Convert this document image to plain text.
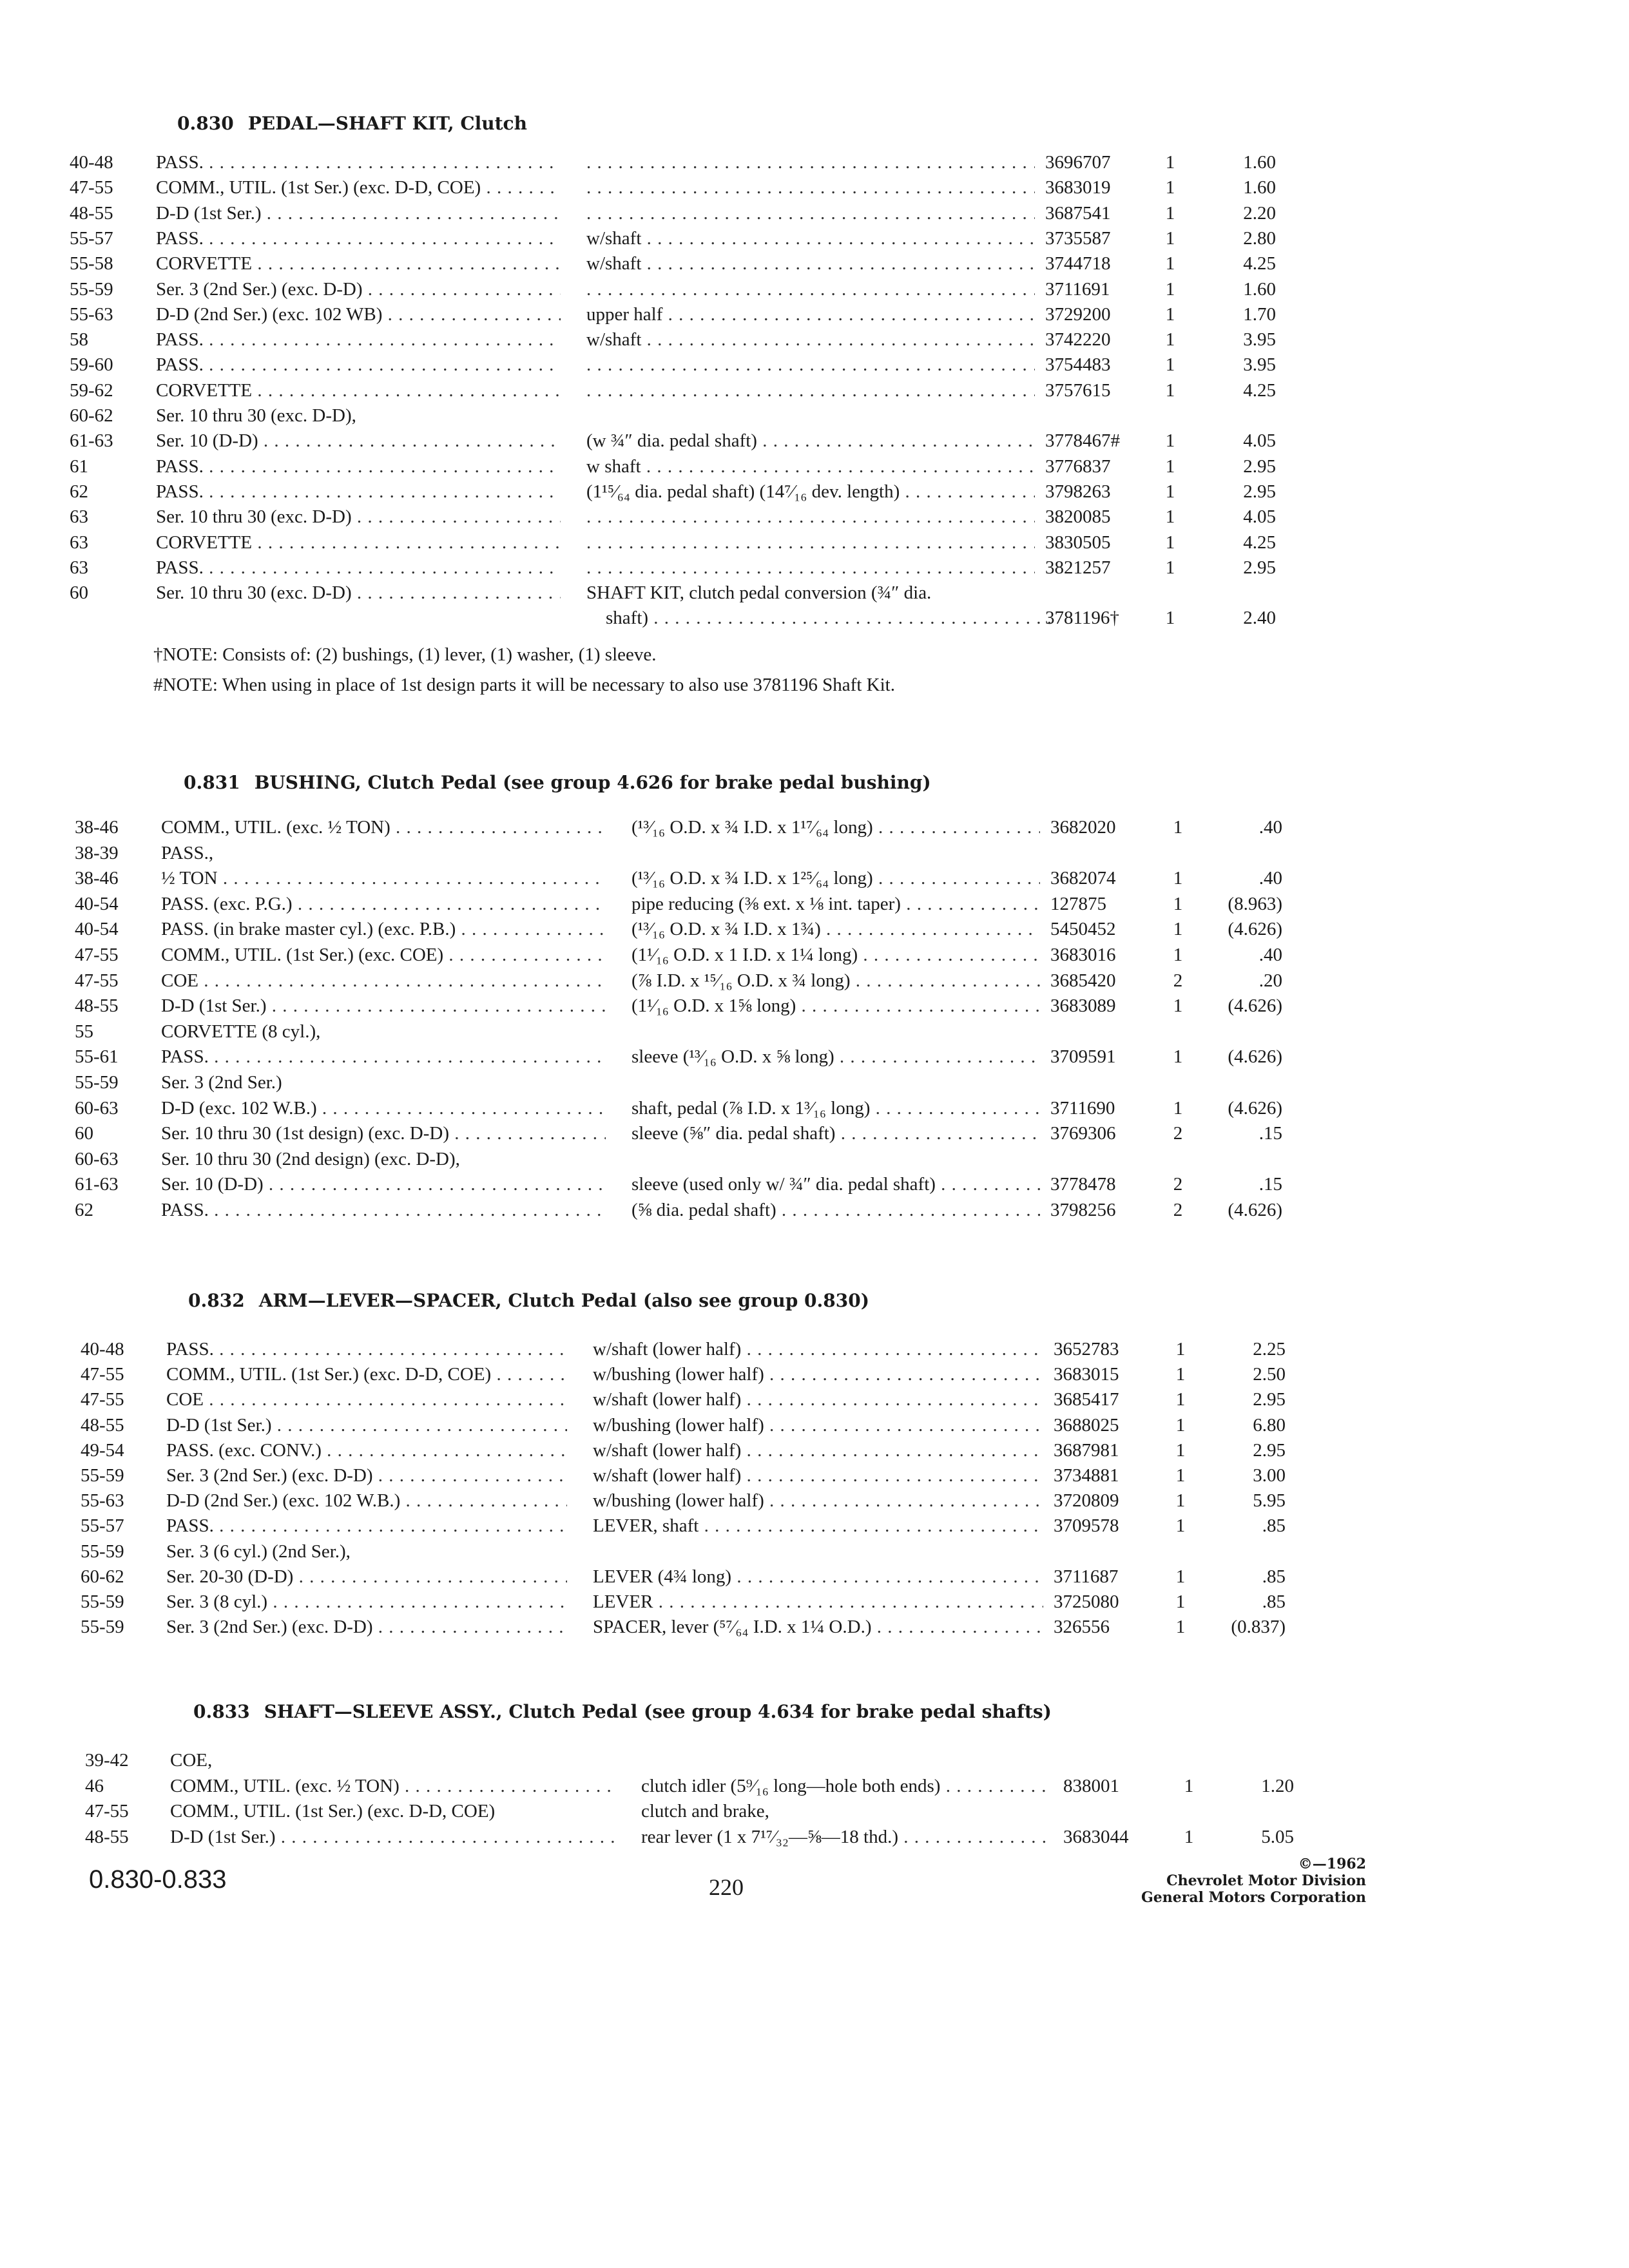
0.830 PEDAL—SHAFT KIT, Clutch
40-48	PASS. . . . . . .	3696707	1	1.60
47-55	COMM., UTIL. (1st Ser.) (exc. D-D, COE) . . . . . .	3683019	1	1.60
48-55	D-D (1st Ser.) . . . . . .	3687541	1	2.20
55-57	PASS. . . .	w/shaft . . .	3735587	1	2.80
55-58	CORVETTE . . .	w/shaft . . .	3744718	1	4.25
55-59	Ser. 3 (2nd Ser.) (exc. D-D) . . . . . .	3711691	1	1.60
55-63	D-D (2nd Ser.) (exc. 102 WB) . . .	upper half . . .	3729200	1	1.70
58	PASS. . . .	w/shaft . . .	3742220	1	3.95
59-60	PASS. . . . . . .	3754483	1	3.95
59-62	CORVETTE . . . . . .	3757615	1	4.25
60-62	Ser. 10 thru 30 (exc. D-D),
61-63	Ser. 10 (D-D) . . .	(w ¾″ dia. pedal shaft) . . .	3778467#	1	4.05
61	PASS. . . .	w shaft . . .	3776837	1	2.95
62	PASS. . . .	(1¹⁵⁄₆₄ dia. pedal shaft) (14⁷⁄₁₆ dev. length) . . .	3798263	1	2.95
63	Ser. 10 thru 30 (exc. D-D) . . . . . .	3820085	1	4.05
63	CORVETTE . . . . . .	3830505	1	4.25
63	PASS. . . . . . .	3821257	1	2.95
60	Ser. 10 thru 30 (exc. D-D) . . .	SHAFT KIT, clutch pedal conversion (¾″ dia.
shaft) . . .	3781196†	1	2.40
†NOTE: Consists of: (2) bushings, (1) lever, (1) washer, (1) sleeve.
#NOTE: When using in place of 1st design parts it will be necessary to also use 3781196 Shaft Kit.
0.831 BUSHING, Clutch Pedal (see group 4.626 for brake pedal bushing)
38-46	COMM., UTIL. (exc. ½ TON) . . .	(¹³⁄₁₆ O.D. x ¾ I.D. x 1¹⁷⁄₆₄ long) . . .	3682020	1	.40
38-39	PASS.,
38-46	½ TON . . .	(¹³⁄₁₆ O.D. x ¾ I.D. x 1²⁵⁄₆₄ long) . . .	3682074	1	.40
40-54	PASS. (exc. P.G.) . . .	pipe reducing (⅜ ext. x ⅛ int. taper) . . .	127875	1	(8.963)
40-54	PASS. (in brake master cyl.) (exc. P.B.) . . .	(¹³⁄₁₆ O.D. x ¾ I.D. x 1¾) . . .	5450452	1	(4.626)
47-55	COMM., UTIL. (1st Ser.) (exc. COE) . . .	(1¹⁄₁₆ O.D. x 1 I.D. x 1¼ long) . . .	3683016	1	.40
47-55	COE . . .	(⅞ I.D. x ¹⁵⁄₁₆ O.D. x ¾ long) . . .	3685420	2	.20
48-55	D-D (1st Ser.) . . .	(1¹⁄₁₆ O.D. x 1⅝ long) . . .	3683089	1	(4.626)
55	CORVETTE (8 cyl.),
55-61	PASS. . . .	sleeve (¹³⁄₁₆ O.D. x ⅝ long) . . .	3709591	1	(4.626)
55-59	Ser. 3 (2nd Ser.)
60-63	D-D (exc. 102 W.B.) . . .	shaft, pedal (⅞ I.D. x 1³⁄₁₆ long) . . .	3711690	1	(4.626)
60	Ser. 10 thru 30 (1st design) (exc. D-D) . . .	sleeve (⅝″ dia. pedal shaft) . . .	3769306	2	.15
60-63	Ser. 10 thru 30 (2nd design) (exc. D-D),
61-63	Ser. 10 (D-D) . . .	sleeve (used only w/ ¾″ dia. pedal shaft) . . .	3778478	2	.15
62	PASS. . . .	(⅝ dia. pedal shaft) . . .	3798256	2	(4.626)
0.832 ARM—LEVER—SPACER, Clutch Pedal (also see group 0.830)
40-48	PASS. . . .	w/shaft (lower half) . . .	3652783	1	2.25
47-55	COMM., UTIL. (1st Ser.) (exc. D-D, COE) . . .	w/bushing (lower half) . . .	3683015	1	2.50
47-55	COE . . .	w/shaft (lower half) . . .	3685417	1	2.95
48-55	D-D (1st Ser.) . . .	w/bushing (lower half) . . .	3688025	1	6.80
49-54	PASS. (exc. CONV.) . . .	w/shaft (lower half) . . .	3687981	1	2.95
55-59	Ser. 3 (2nd Ser.) (exc. D-D) . . .	w/shaft (lower half) . . .	3734881	1	3.00
55-63	D-D (2nd Ser.) (exc. 102 W.B.) . . .	w/bushing (lower half) . . .	3720809	1	5.95
55-57	PASS. . . .	LEVER, shaft . . .	3709578	1	.85
55-59	Ser. 3 (6 cyl.) (2nd Ser.),
60-62	Ser. 20-30 (D-D) . . .	LEVER (4¾ long) . . .	3711687	1	.85
55-59	Ser. 3 (8 cyl.) . . .	LEVER . . .	3725080	1	.85
55-59	Ser. 3 (2nd Ser.) (exc. D-D) . . .	SPACER, lever (⁵⁷⁄₆₄ I.D. x 1¼ O.D.) . . .	326556	1	(0.837)
0.833 SHAFT—SLEEVE ASSY., Clutch Pedal (see group 4.634 for brake pedal shafts)
39-42	COE,
46	COMM., UTIL. (exc. ½ TON) . . .	clutch idler (5⁹⁄₁₆ long—hole both ends) . . .	838001	1	1.20
47-55	COMM., UTIL. (1st Ser.) (exc. D-D, COE)	clutch and brake,
48-55	D-D (1st Ser.) . . .	rear lever (1 x 7¹⁷⁄₃₂—⅝—18 thd.) . . .	3683044	1	5.05
0.830-0.833	220
©—1962
Chevrolet Motor Division
General Motors Corporation
